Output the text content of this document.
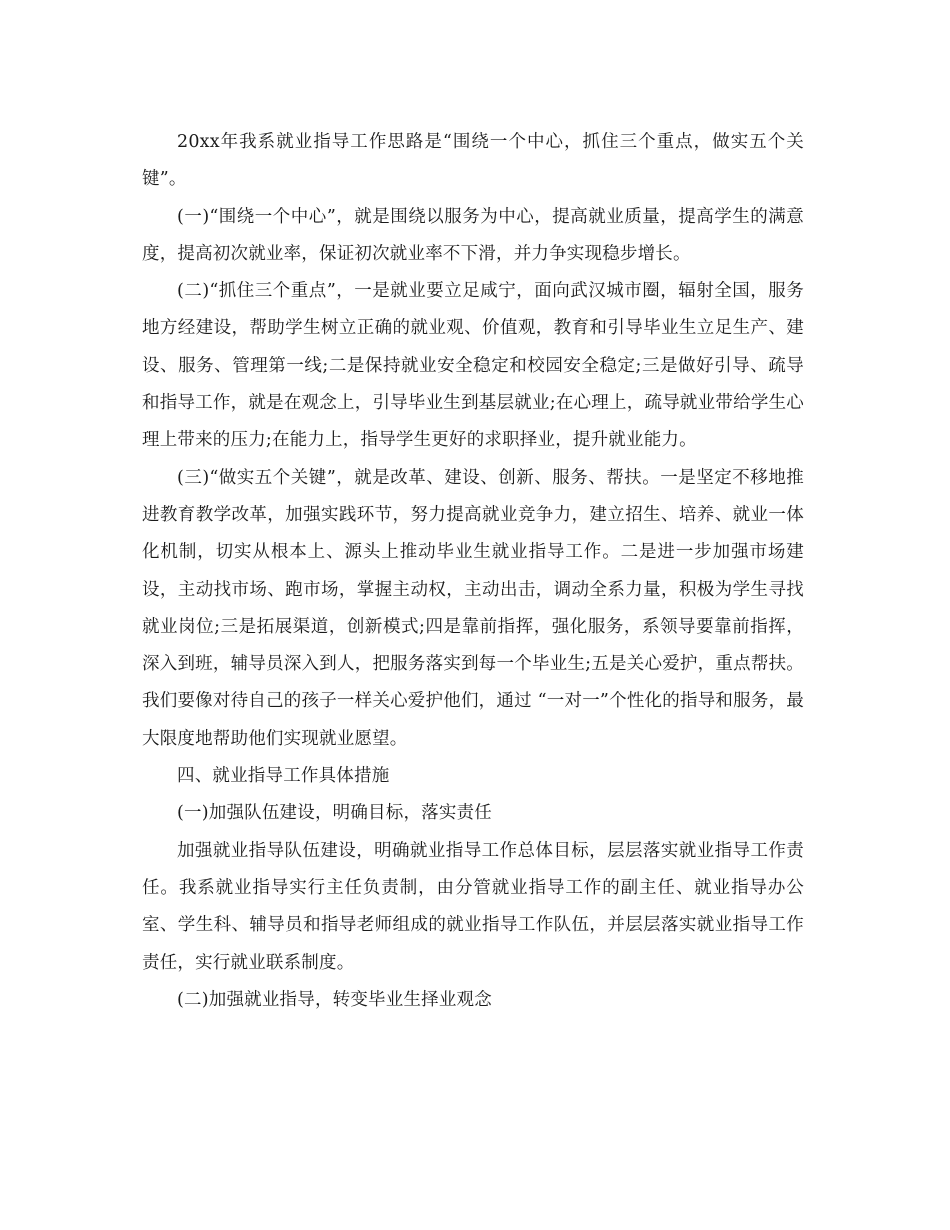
20xx年我系就业指导工作思路是“围绕一个中心，抓住三个重点，做实五个关键”。

(一)“围绕一个中心”，就是围绕以服务为中心，提高就业质量，提高学生的满意度，提高初次就业率，保证初次就业率不下滑，并力争实现稳步增长。

(二)“抓住三个重点”，一是就业要立足咸宁，面向武汉城市圈，辐射全国，服务地方经建设，帮助学生树立正确的就业观、价值观，教育和引导毕业生立足生产、建设、服务、管理第一线;二是保持就业安全稳定和校园安全稳定;三是做好引导、疏导和指导工作，就是在观念上，引导毕业生到基层就业;在心理上，疏导就业带给学生心理上带来的压力;在能力上，指导学生更好的求职择业，提升就业能力。

(三)“做实五个关键”，就是改革、建设、创新、服务、帮扶。一是坚定不移地推进教育教学改革，加强实践环节，努力提高就业竞争力，建立招生、培养、就业一体化机制，切实从根本上、源头上推动毕业生就业指导工作。二是进一步加强市场建设，主动找市场、跑市场，掌握主动权，主动出击，调动全系力量，积极为学生寻找就业岗位;三是拓展渠道，创新模式;四是靠前指挥，强化服务，系领导要靠前指挥，深入到班，辅导员深入到人，把服务落实到每一个毕业生;五是关心爱护，重点帮扶。我们要像对待自己的孩子一样关心爱护他们，通过 “一对一”个性化的指导和服务，最大限度地帮助他们实现就业愿望。

四、就业指导工作具体措施

(一)加强队伍建设，明确目标，落实责任

加强就业指导队伍建设，明确就业指导工作总体目标，层层落实就业指导工作责任。我系就业指导实行主任负责制，由分管就业指导工作的副主任、就业指导办公室、学生科、辅导员和指导老师组成的就业指导工作队伍，并层层落实就业指导工作责任，实行就业联系制度。

(二)加强就业指导，转变毕业生择业观念
